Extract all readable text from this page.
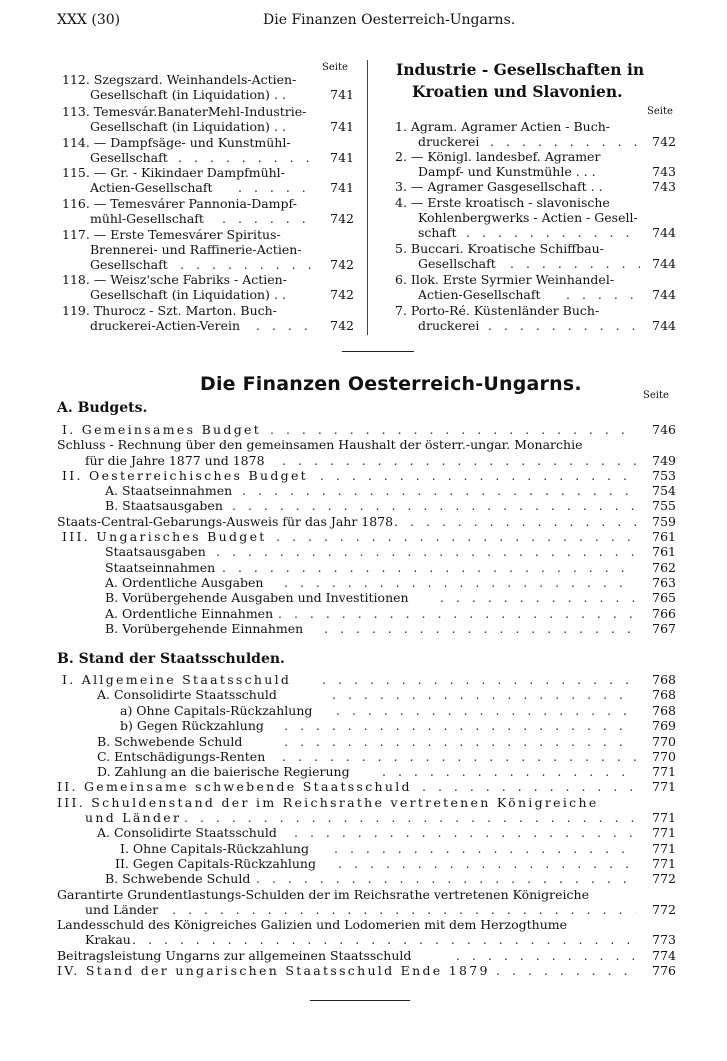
XXX (30)	Die Finanzen Oesterreich-Ungarns.
Seite
112. Szegszard. Weinhandels-Actien-
Gesellschaft (in Liquidation) . .	741
113. Temesvár.BanaterMehl-Industrie-
Gesellschaft (in Liquidation) . .	741
114. — Dampfsäge- und Kunstmühl-
Gesellschaft . . .	741
115. — Gr. - Kikindaer Dampfmühl-
Actien-Gesellschaft . . .	741
116. — Temesvárer Pannonia-Dampf-
mühl-Gesellschaft . . .	742
117. — Erste Temesvárer Spiritus-
Brennerei- und Raffinerie-Actien-
Gesellschaft . . .	742
118. — Weisz'sche Fabriks - Actien-
Gesellschaft (in Liquidation) . .	742
119. Thurocz - Szt. Marton. Buch-
druckerei-Actien-Verein . . .	742
Industrie - Gesellschaften in
Kroatien und Slavonien.
Seite
1. Agram. Agramer Actien - Buch-
druckerei . . .	742
2. — Königl. landesbef. Agramer
Dampf- und Kunstmühle . . .	743
3. — Agramer Gasgesellschaft . .	743
4. — Erste kroatisch - slavonische
Kohlenbergwerks - Actien - Gesell-
schaft . . .	744
5. Buccari. Kroatische Schiffbau-
Gesellschaft . . .	744
6. Ilok. Erste Syrmier Weinhandel-
Actien-Gesellschaft . . .	744
7. Porto-Ré. Küstenländer Buch-
druckerei . . .	744
Die Finanzen Oesterreich-Ungarns.
Seite
A. Budgets.
I. Gemeinsames Budget . . .	746
Schluss - Rechnung über den gemeinsamen Haushalt der österr.-ungar. Monarchie
für die Jahre 1877 und 1878 . . .	749
II. Oesterreichisches Budget . . .	753
A. Staatseinnahmen . . .	754
B. Staatsausgaben . . .	755
Staats-Central-Gebarungs-Ausweis für das Jahr 1878 . . .	759
III. Ungarisches Budget . . .	761
Staatsausgaben . . .	761
Staatseinnahmen . . .	762
A. Ordentliche Ausgaben . . .	763
B. Vorübergehende Ausgaben und Investitionen . . .	765
A. Ordentliche Einnahmen . . .	766
B. Vorübergehende Einnahmen . . .	767
B. Stand der Staatsschulden.
I. Allgemeine Staatsschuld . . .	768
A. Consolidirte Staatsschuld . . .	768
a) Ohne Capitals-Rückzahlung . . .	768
b) Gegen Rückzahlung . . .	769
B. Schwebende Schuld . . .	770
C. Entschädigungs-Renten . . .	770
D. Zahlung an die baierische Regierung . . .	771
II. Gemeinsame schwebende Staatsschuld . . .	771
III. Schuldenstand der im Reichsrathe vertretenen Königreiche
und Länder . . .	771
A. Consolidirte Staatsschuld . . .	771
I. Ohne Capitals-Rückzahlung . . .	771
II. Gegen Capitals-Rückzahlung . . .	771
B. Schwebende Schuld . . .	772
Garantirte Grundentlastungs-Schulden der im Reichsrathe vertretenen Königreiche
und Länder . . .	772
Landesschuld des Königreiches Galizien und Lodomerien mit dem Herzogthume
Krakau . . .	773
Beitragsleistung Ungarns zur allgemeinen Staatsschuld . . .	774
IV. Stand der ungarischen Staatsschuld Ende 1879 . . .	776
